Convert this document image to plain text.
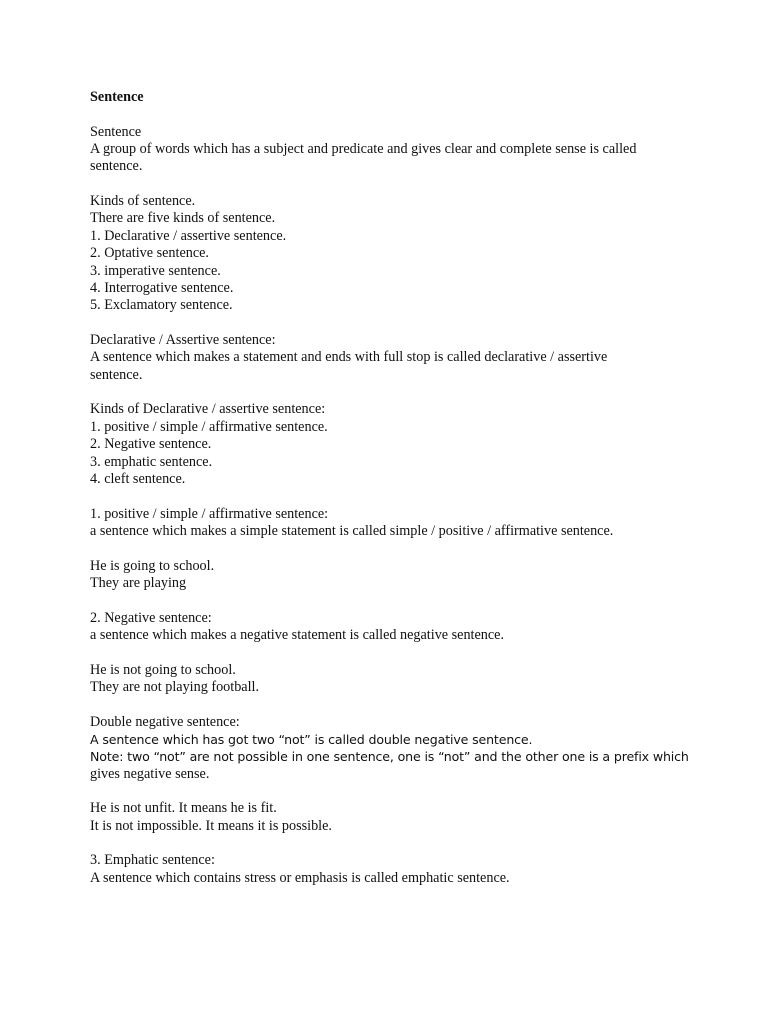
Sentence

Sentence
A group of words which has a subject and predicate and gives clear and complete sense is called
sentence.
Kinds of sentence.
There are five kinds of sentence.
1. Declarative / assertive sentence.
2. Optative sentence.
3. imperative sentence.
4. Interrogative sentence.
5. Exclamatory sentence.
Declarative / Assertive sentence:
A sentence which makes a statement and ends with full stop is called declarative / assertive
sentence.
Kinds of Declarative / assertive sentence:
1. positive / simple / affirmative sentence.
2. Negative sentence.
3. emphatic sentence.
4. cleft sentence.
1. positive / simple / affirmative sentence:
a sentence which makes a simple statement is called simple / positive / affirmative sentence.
He is going to school.
They are playing
2. Negative sentence:
a sentence which makes a negative statement is called negative sentence.
He is not going to school.
They are not playing football.
Double negative sentence:
A sentence which has got two “not” is called double negative sentence.
Note: two “not” are not possible in one sentence, one is “not” and the other one is a prefix which
gives negative sense.
He is not unfit. It means he is fit.
It is not impossible. It means it is possible.
3. Emphatic sentence:
A sentence which contains stress or emphasis is called emphatic sentence.
